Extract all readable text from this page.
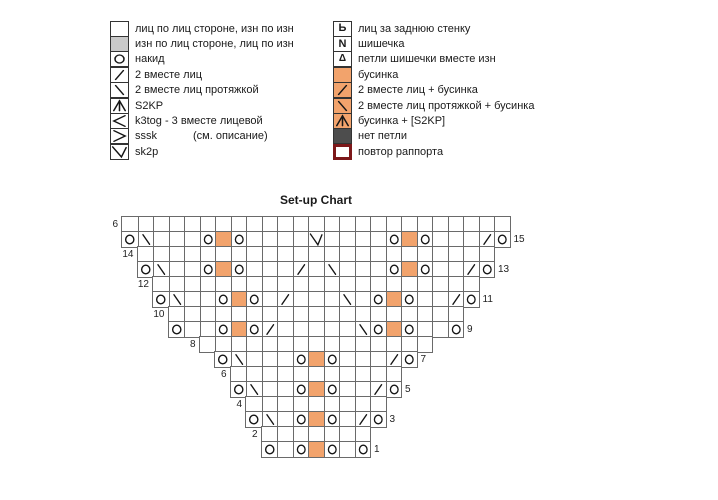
лиц по лиц стороне, изн по изн
изн по лиц стороне, лиц по изн
накид
2 вместе лиц
2 вместе лиц протяжкой
S2KP
k3tog - 3 вместе лицевой
sssk	(см. описание)
sk2p
Ь лиц за заднюю стенку
N шишечка
Δ петли шишечки вместе изн
бусинка
2 вместе лиц + бусинка
2 вместе лиц протяжкой + бусинка
бусинка + [S2KP]
нет петли
повтор раппорта
Set-up Chart
6
15
14
13
12
11
10
9
8
7
6
5
4
3
2
1
